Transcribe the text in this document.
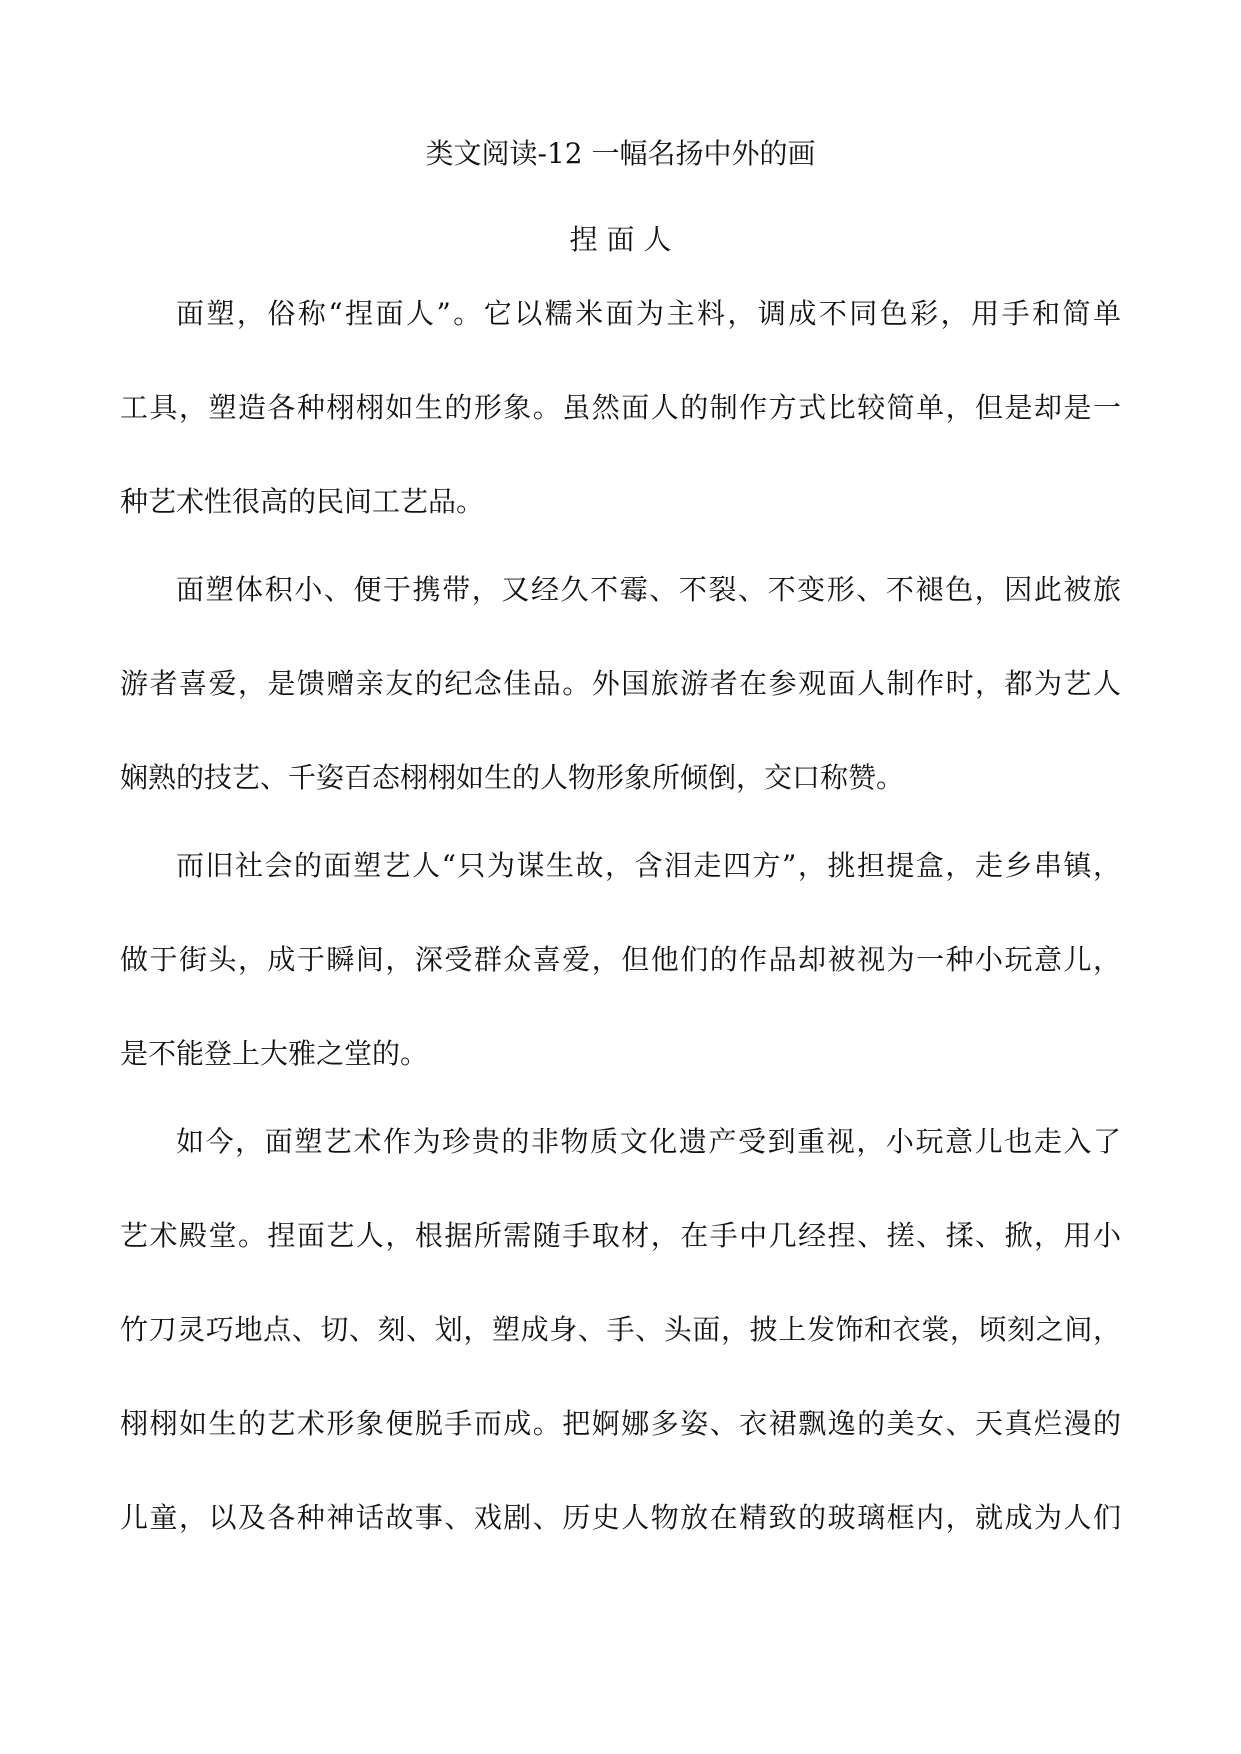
类文阅读-12 一幅名扬中外的画
捏 面 人
面塑，俗称“捏面人”。它以糯米面为主料，调成不同色彩，用手和简单
工具，塑造各种栩栩如生的形象。虽然面人的制作方式比较简单，但是却是一
种艺术性很高的民间工艺品。
面塑体积小、便于携带，又经久不霉、不裂、不变形、不褪色，因此被旅
游者喜爱，是馈赠亲友的纪念佳品。外国旅游者在参观面人制作时，都为艺人
娴熟的技艺、千姿百态栩栩如生的人物形象所倾倒，交口称赞。
而旧社会的面塑艺人“只为谋生故，含泪走四方”，挑担提盒，走乡串镇，
做于街头，成于瞬间，深受群众喜爱，但他们的作品却被视为一种小玩意儿，
是不能登上大雅之堂的。
如今，面塑艺术作为珍贵的非物质文化遗产受到重视，小玩意儿也走入了
艺术殿堂。捏面艺人，根据所需随手取材，在手中几经捏、搓、揉、掀，用小
竹刀灵巧地点、切、刻、划，塑成身、手、头面，披上发饰和衣裳，顷刻之间，
栩栩如生的艺术形象便脱手而成。把婀娜多姿、衣裙飘逸的美女、天真烂漫的
儿童，以及各种神话故事、戏剧、历史人物放在精致的玻璃框内，就成为人们
